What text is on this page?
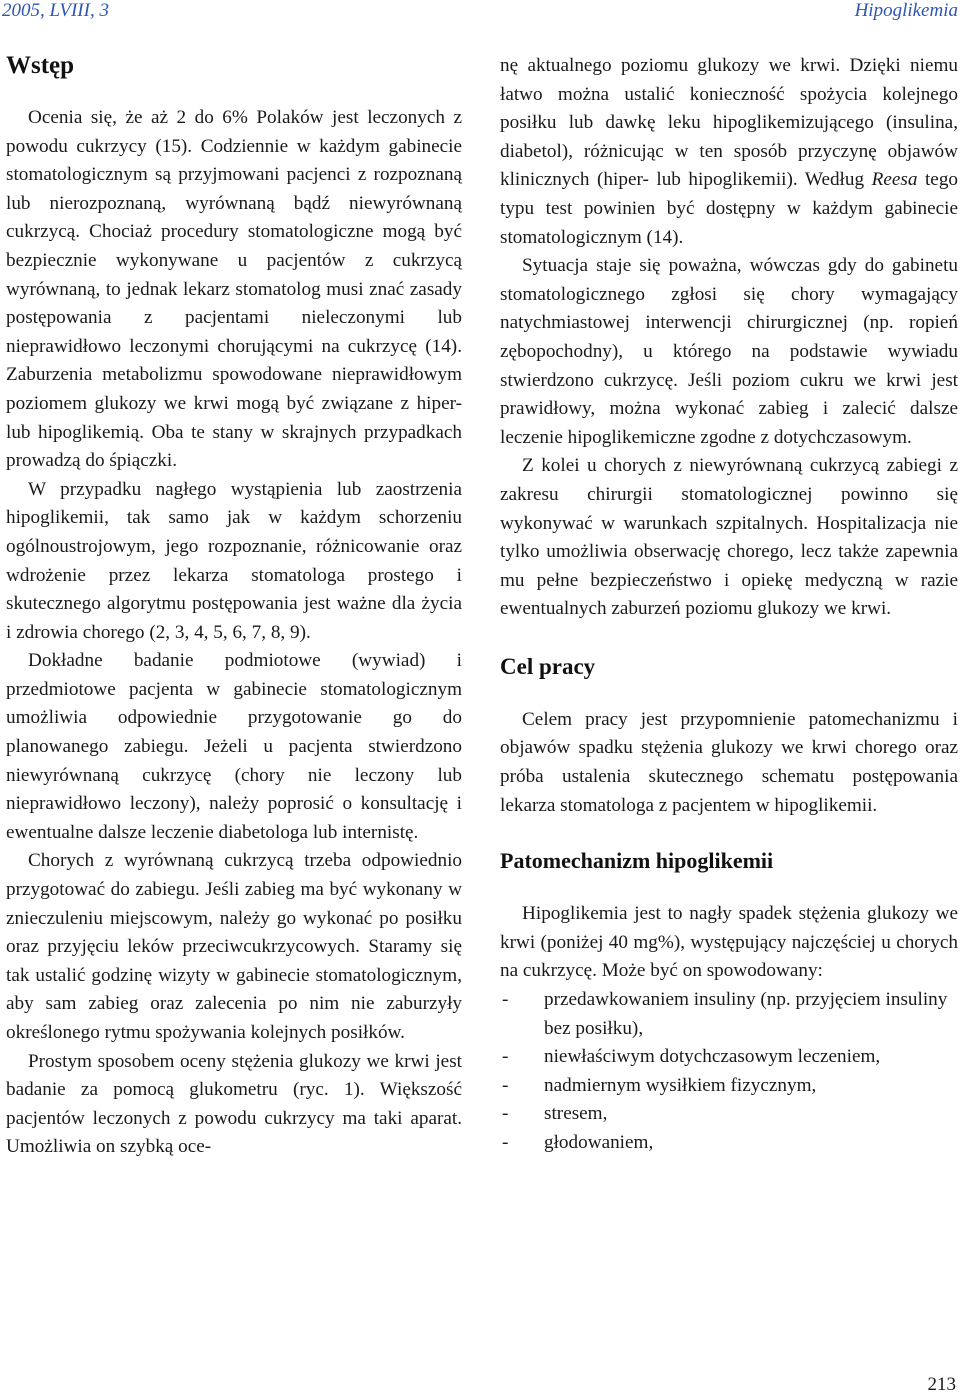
2005, LVIII, 3	Hipoglikemia
Wstęp

Ocenia się, że aż 2 do 6% Polaków jest leczonych z powodu cukrzycy (15). Codziennie w każdym gabinecie stomatologicznym są przyjmowani pacjenci z rozpoznaną lub nierozpoznaną, wyrównaną bądź niewyrównaną cukrzycą. Chociaż procedury stomatologiczne mogą być bezpiecznie wykonywane u pacjentów z cukrzycą wyrównaną, to jednak lekarz stomatolog musi znać zasady postępowania z pacjentami nieleczonymi lub nieprawidłowo leczonymi chorującymi na cukrzycę (14). Zaburzenia metabolizmu spowodowane nieprawidłowym poziomem glukozy we krwi mogą być związane z hiper- lub hipoglikemią. Oba te stany w skrajnych przypadkach prowadzą do śpiączki.

W przypadku nagłego wystąpienia lub zaostrzenia hipoglikemii, tak samo jak w każdym schorzeniu ogólnoustrojowym, jego rozpoznanie, różnicowanie oraz wdrożenie przez lekarza stomatologa prostego i skutecznego algorytmu postępowania jest ważne dla życia i zdrowia chorego (2, 3, 4, 5, 6, 7, 8, 9).

Dokładne badanie podmiotowe (wywiad) i przedmiotowe pacjenta w gabinecie stomatologicznym umożliwia odpowiednie przygotowanie go do planowanego zabiegu. Jeżeli u pacjenta stwierdzono niewyrównaną cukrzycę (chory nie leczony lub nieprawidłowo leczony), należy poprosić o konsultację i ewentualne dalsze leczenie diabetologa lub internistę.

Chorych z wyrównaną cukrzycą trzeba odpowiednio przygotować do zabiegu. Jeśli zabieg ma być wykonany w znieczuleniu miejscowym, należy go wykonać po posiłku oraz przyjęciu leków przeciwcukrzycowych. Staramy się tak ustalić godzinę wizyty w gabinecie stomatologicznym, aby sam zabieg oraz zalecenia po nim nie zaburzyły określonego rytmu spożywania kolejnych posiłków.

Prostym sposobem oceny stężenia glukozy we krwi jest badanie za pomocą glukometru (ryc. 1). Większość pacjentów leczonych z powodu cukrzycy ma taki aparat. Umożliwia on szybką oce-

nę aktualnego poziomu glukozy we krwi. Dzięki niemu łatwo można ustalić konieczność spożycia kolejnego posiłku lub dawkę leku hipoglikemizującego (insulina, diabetol), różnicując w ten sposób przyczynę objawów klinicznych (hiper- lub hipoglikemii). Według Reesa tego typu test powinien być dostępny w każdym gabinecie stomatologicznym (14).

Sytuacja staje się poważna, wówczas gdy do gabinetu stomatologicznego zgłosi się chory wymagający natychmiastowej interwencji chirurgicznej (np. ropień zębopochodny), u którego na podstawie wywiadu stwierdzono cukrzycę. Jeśli poziom cukru we krwi jest prawidłowy, można wykonać zabieg i zalecić dalsze leczenie hipoglikemiczne zgodne z dotychczasowym.

Z kolei u chorych z niewyrównaną cukrzycą zabiegi z zakresu chirurgii stomatologicznej powinno się wykonywać w warunkach szpitalnych. Hospitalizacja nie tylko umożliwia obserwację chorego, lecz także zapewnia mu pełne bezpieczeństwo i opiekę medyczną w razie ewentualnych zaburzeń poziomu glukozy we krwi.

Cel pracy

Celem pracy jest przypomnienie patomechanizmu i objawów spadku stężenia glukozy we krwi chorego oraz próba ustalenia skutecznego schematu postępowania lekarza stomatologa z pacjentem w hipoglikemii.

Patomechanizm hipoglikemii

Hipoglikemia jest to nagły spadek stężenia glukozy we krwi (poniżej 40 mg%), występujący najczęściej u chorych na cukrzycę. Może być on spowodowany:

- przedawkowaniem insuliny (np. przyjęciem insuliny bez posiłku),
- niewłaściwym dotychczasowym leczeniem,
- nadmiernym wysiłkiem fizycznym,
- stresem,
- głodowaniem,
213
